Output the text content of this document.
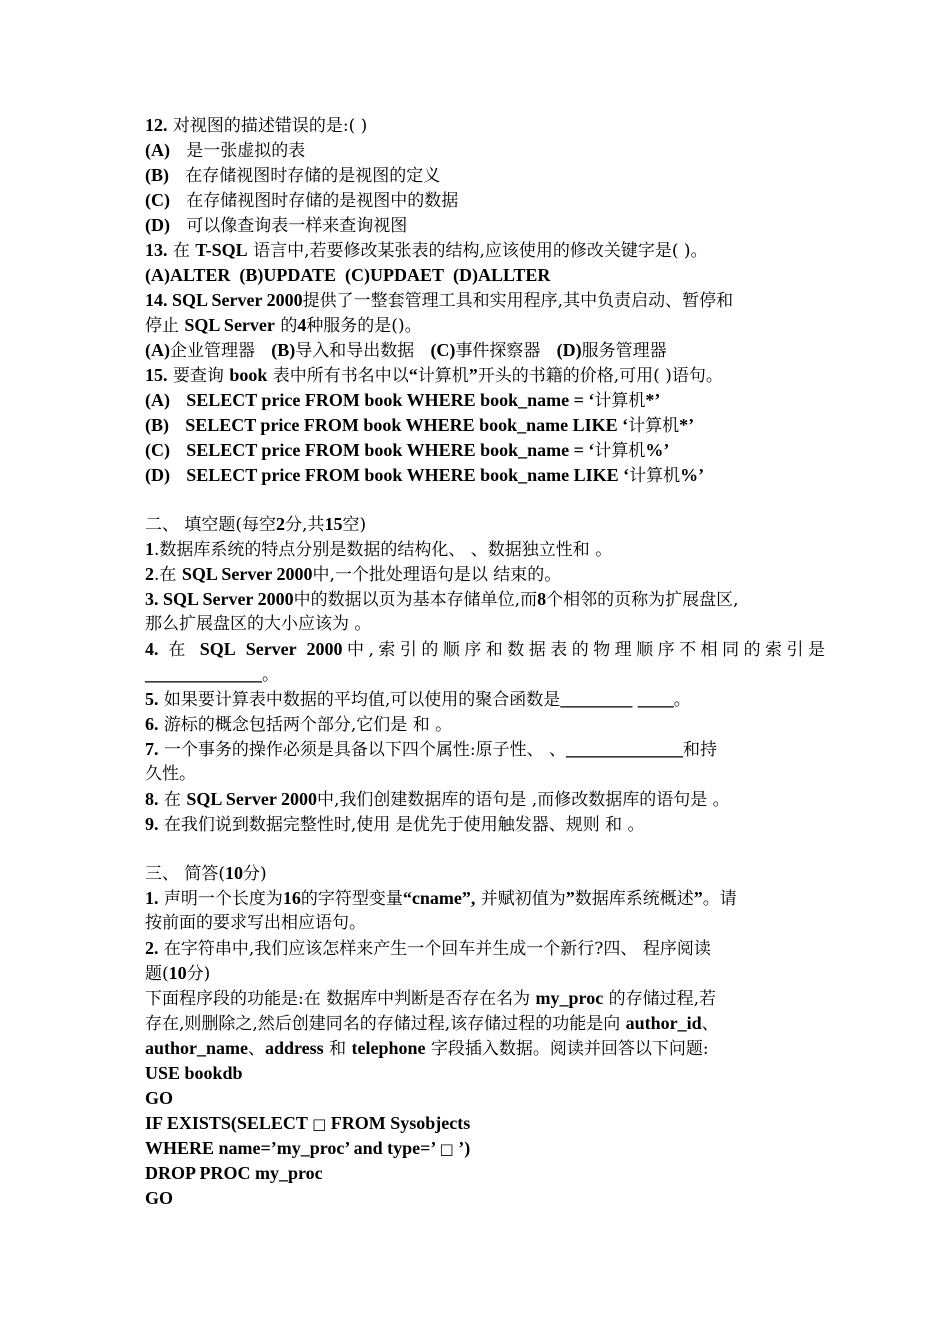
12. 对视图的描述错误的是:( )
(A) 是一张虚拟的表
(B) 在存储视图时存储的是视图的定义
(C) 在存储视图时存储的是视图中的数据
(D) 可以像查询表一样来查询视图
13. 在 T-SQL 语言中,若要修改某张表的结构,应该使用的修改关键字是( )。
(A)ALTER (B)UPDATE (C)UPDAET (D)ALLTER
14. SQL Server 2000提供了一整套管理工具和实用程序,其中负责启动、暂停和
停止 SQL Server 的4种服务的是()。
(A)企业管理器 (B)导入和导出数据 (C)事件探察器 (D)服务管理器
15. 要查询 book 表中所有书名中以“计算机”开头的书籍的价格,可用( )语句。
(A) SELECT price FROM book WHERE book_name = ‘计算机*’
(B) SELECT price FROM book WHERE book_name LIKE ‘计算机*’
(C) SELECT price FROM book WHERE book_name = ‘计算机%’
(D) SELECT price FROM book WHERE book_name LIKE ‘计算机%’
二、 填空题(每空2分,共15空)
1.数据库系统的特点分别是数据的结构化、 、数据独立性和 。
2.在 SQL Server 2000中,一个批处理语句是以 结束的。
3. SQL Server 2000中的数据以页为基本存储单位,而8个相邻的页称为扩展盘区,
那么扩展盘区的大小应该为 。
4. 在 SQL Server 2000中,索引的顺序和数据表的物理顺序不相同的索引是
_____________。
5. 如果要计算表中数据的平均值,可以使用的聚合函数是________ ____。
6. 游标的概念包括两个部分,它们是 和 。
7. 一个事务的操作必须是具备以下四个属性:原子性、 、_____________和持
久性。
8. 在 SQL Server 2000中,我们创建数据库的语句是 ,而修改数据库的语句是 。
9. 在我们说到数据完整性时,使用 是优先于使用触发器、规则 和 。
三、 简答(10分)
1. 声明一个长度为16的字符型变量“cname”, 并赋初值为”数据库系统概述”。请
按前面的要求写出相应语句。
2. 在字符串中,我们应该怎样来产生一个回车并生成一个新行?四、 程序阅读
题(10分)
下面程序段的功能是:在 数据库中判断是否存在名为 my_proc 的存储过程,若
存在,则删除之,然后创建同名的存储过程,该存储过程的功能是向 author_id、
author_name、address 和 telephone 字段插入数据。阅读并回答以下问题:
USE bookdb
GO
IF EXISTS(SELECT □ FROM Sysobjects
WHERE name=’my_proc’ and type=’ □ ’)
DROP PROC my_proc
GO
